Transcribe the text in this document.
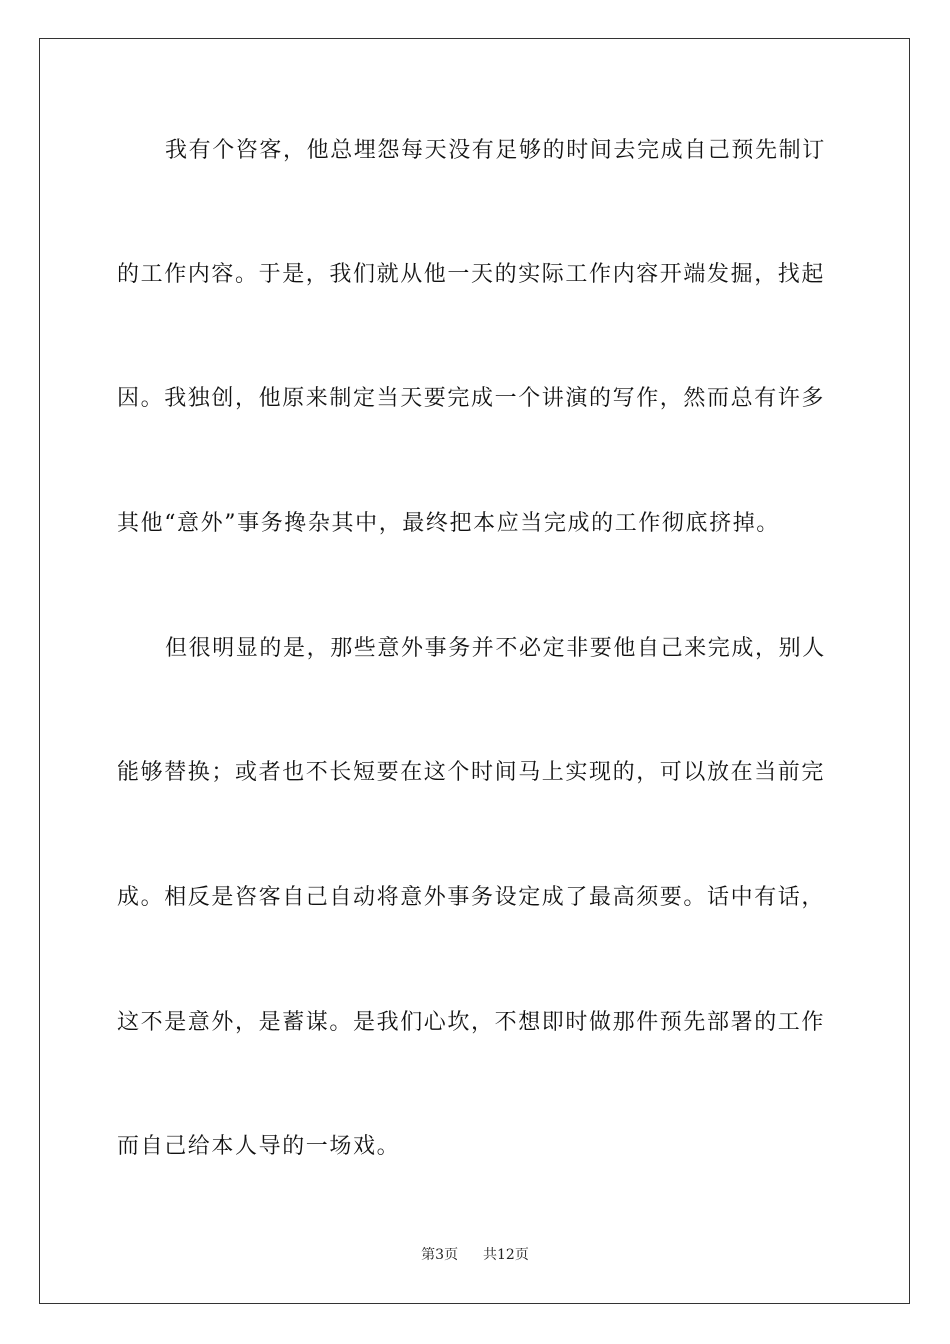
我有个咨客，他总埋怨每天没有足够的时间去完成自己预先制订
的工作内容。于是，我们就从他一天的实际工作内容开端发掘，找起
因。我独创，他原来制定当天要完成一个讲演的写作，然而总有许多
其他“意外”事务搀杂其中，最终把本应当完成的工作彻底挤掉。
但很明显的是，那些意外事务并不必定非要他自己来完成，别人
能够替换；或者也不长短要在这个时间马上实现的，可以放在当前完
成。相反是咨客自己自动将意外事务设定成了最高须要。话中有话，
这不是意外，是蓄谋。是我们心坎，不想即时做那件预先部署的工作
而自己给本人导的一场戏。
第3页 共12页
